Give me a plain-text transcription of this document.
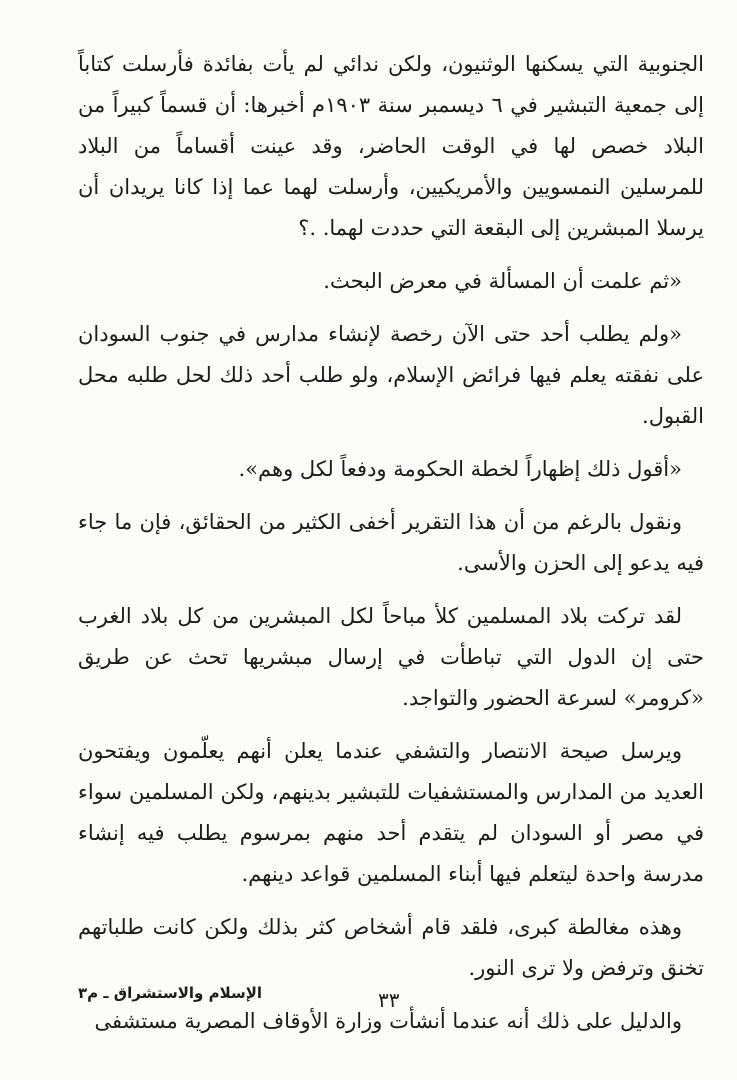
الجنوبية التي يسكنها الوثنيون، ولكن ندائي لم يأت بفائدة فأرسلت كتاباً إلى جمعية التبشير في ٦ ديسمبر سنة ١٩٠٣م أخبرها: أن قسماً كبيراً من البلاد خصص لها في الوقت الحاضر، وقد عينت أقساماً من البلاد للمرسلين النمسويين والأمريكيين، وأرسلت لهما عما إذا كانا يريدان أن يرسلا المبشرين إلى البقعة التي حددت لهما. .؟

«ثم علمت أن المسألة في معرض البحث.

«ولم يطلب أحد حتى الآن رخصة لإنشاء مدارس في جنوب السودان على نفقته يعلم فيها فرائض الإسلام، ولو طلب أحد ذلك لحل طلبه محل القبول.

«أقول ذلك إظهاراً لخطة الحكومة ودفعاً لكل وهم».

ونقول بالرغم من أن هذا التقرير أخفى الكثير من الحقائق، فإن ما جاء فيه يدعو إلى الحزن والأسى.

لقد تركت بلاد المسلمين كلأ مباحاً لكل المبشرين من كل بلاد الغرب حتى إن الدول التي تباطأت في إرسال مبشريها تحث عن طريق «كرومر» لسرعة الحضور والتواجد.

ويرسل صيحة الانتصار والتشفي عندما يعلن أنهم يعلّمون ويفتحون العديد من المدارس والمستشفيات للتبشير بدينهم، ولكن المسلمين سواء في مصر أو السودان لم يتقدم أحد منهم بمرسوم يطلب فيه إنشاء مدرسة واحدة ليتعلم فيها أبناء المسلمين قواعد دينهم.

وهذه مغالطة كبرى، فلقد قام أشخاص كثر بذلك ولكن كانت طلباتهم تخنق وترفض ولا ترى النور.

والدليل على ذلك أنه عندما أنشأت وزارة الأوقاف المصرية مستشفى

الإسلام والاستشراق ـ م٣	٣٣
